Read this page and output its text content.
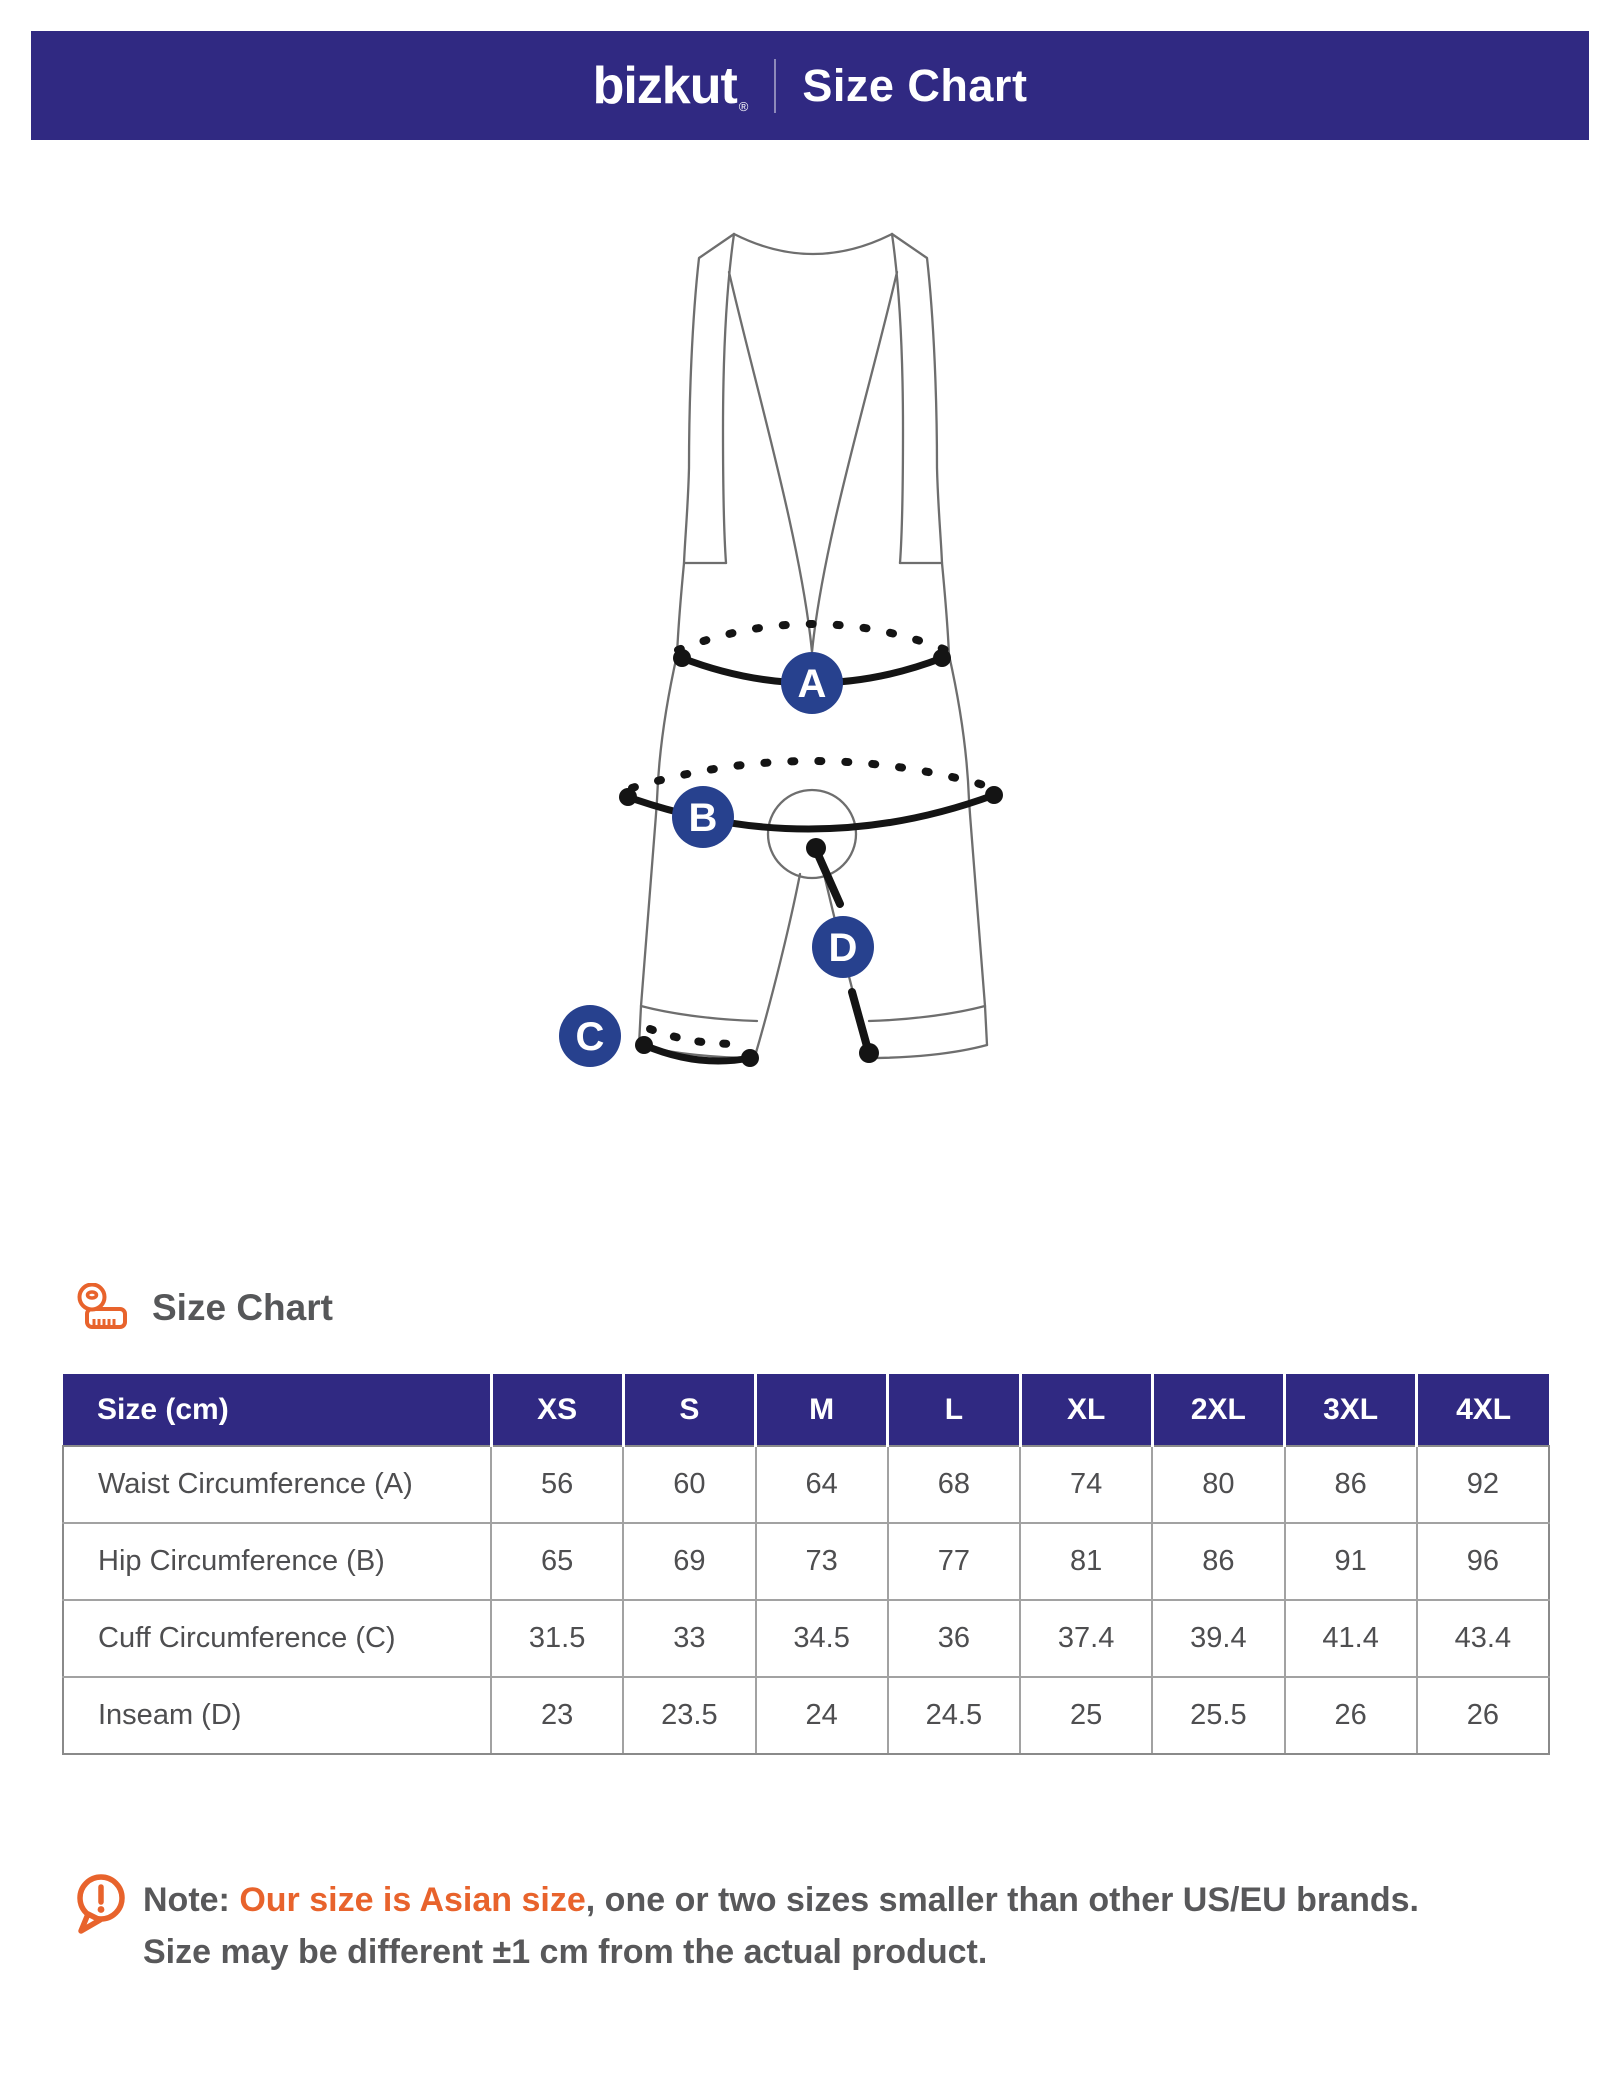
bizkut ® Size Chart
A
B
C
D
Size Chart
Size (cm)	XS	S	M	L	XL	2XL	3XL	4XL
Waist Circumference (A)	56	60	64	68	74	80	86	92
Hip Circumference (B)	65	69	73	77	81	86	91	96
Cuff Circumference (C)	31.5	33	34.5	36	37.4	39.4	41.4	43.4
Inseam (D)	23	23.5	24	24.5	25	25.5	26	26
Note: Our size is Asian size, one or two sizes smaller than other US/EU brands.
Size may be different ±1 cm from the actual product.
